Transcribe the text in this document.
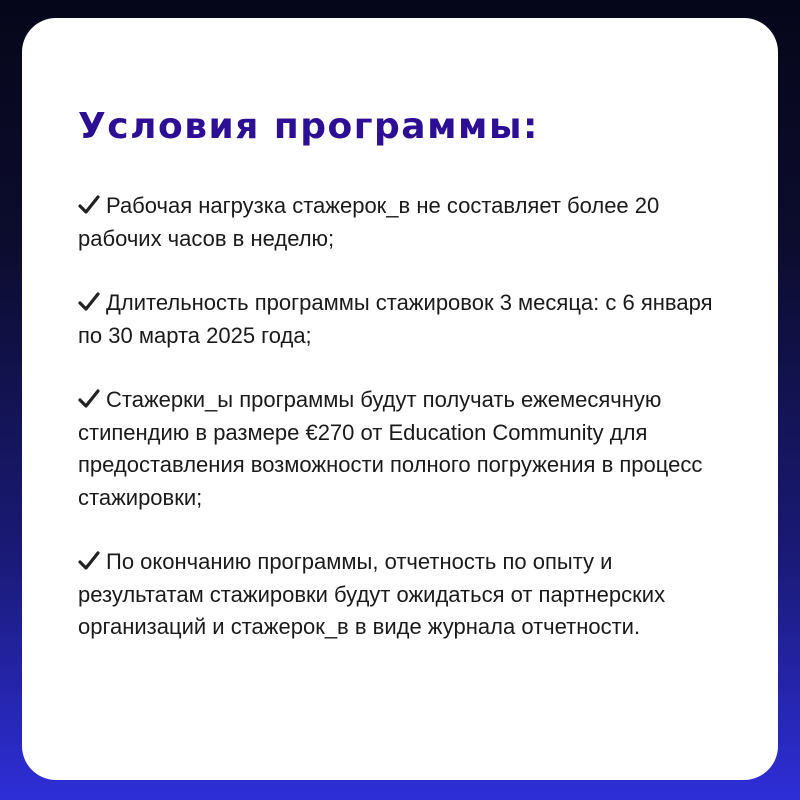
Условия программы:
Рабочая нагрузка стажерок_в не составляет более 20 рабочих часов в неделю;
Длительность программы стажировок 3 месяца: с 6 января по 30 марта 2025 года;
Стажерки_ы программы будут получать ежемесячную стипендию в размере €270 от Education Community для предоставления возможности полного погружения в процесс стажировки;
По окончанию программы, отчетность по опыту и результатам стажировки будут ожидаться от партнерских организаций и стажерок_в в виде журнала отчетности.
